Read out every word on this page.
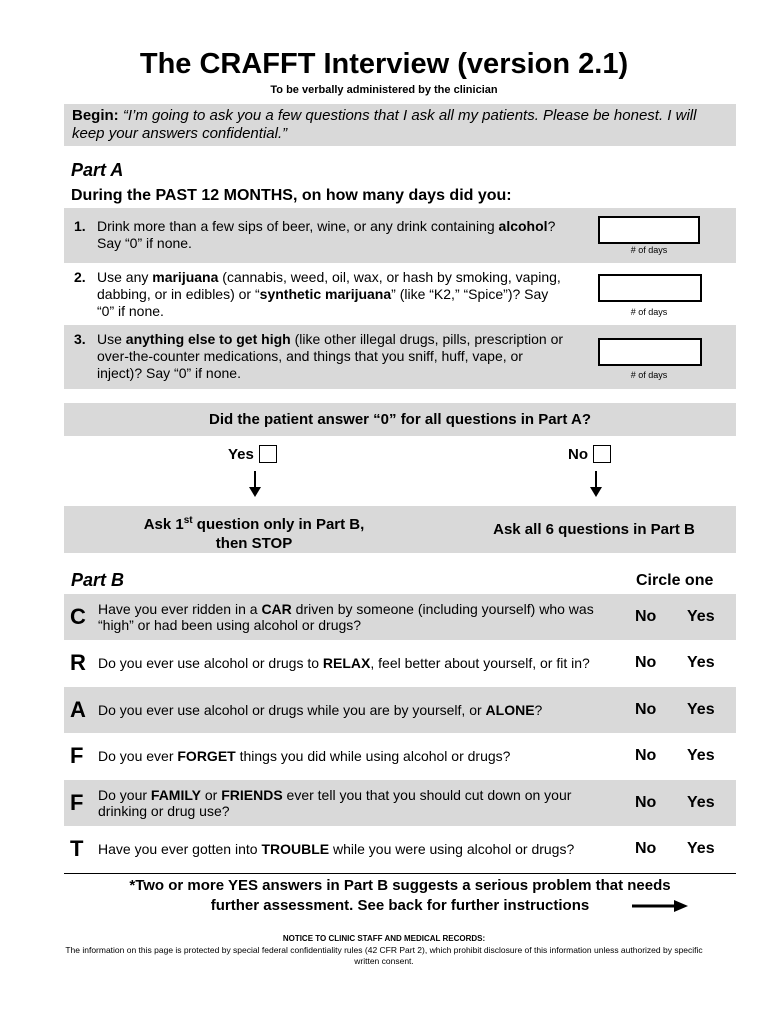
The CRAFFT Interview (version 2.1)
To be verbally administered by the clinician
Begin: “I’m going to ask you a few questions that I ask all my patients. Please be honest. I will keep your answers confidential.”
Part A
During the PAST 12 MONTHS, on how many days did you:
1. Drink more than a few sips of beer, wine, or any drink containing alcohol? Say “0” if none.	# of days
2. Use any marijuana (cannabis, weed, oil, wax, or hash by smoking, vaping, dabbing, or in edibles) or “synthetic marijuana” (like “K2,” “Spice”)? Say “0” if none.	# of days
3. Use anything else to get high (like other illegal drugs, pills, prescription or over-the-counter medications, and things that you sniff, huff, vape, or inject)? Say “0” if none.	# of days
Did the patient answer “0” for all questions in Part A?
Yes	No
Ask 1st question only in Part B,
then STOP
Ask all 6 questions in Part B
Part B	Circle one
C Have you ever ridden in a CAR driven by someone (including yourself) who was “high” or had been using alcohol or drugs?	No Yes
R Do you ever use alcohol or drugs to RELAX, feel better about yourself, or fit in?	No Yes
A Do you ever use alcohol or drugs while you are by yourself, or ALONE?	No Yes
F Do you ever FORGET things you did while using alcohol or drugs?	No Yes
F Do your FAMILY or FRIENDS ever tell you that you should cut down on your drinking or drug use?	No Yes
T Have you ever gotten into TROUBLE while you were using alcohol or drugs?	No Yes
*Two or more YES answers in Part B suggests a serious problem that needs
further assessment. See back for further instructions
NOTICE TO CLINIC STAFF AND MEDICAL RECORDS:
The information on this page is protected by special federal confidentiality rules (42 CFR Part 2), which prohibit disclosure of this information unless authorized by specific written consent.
